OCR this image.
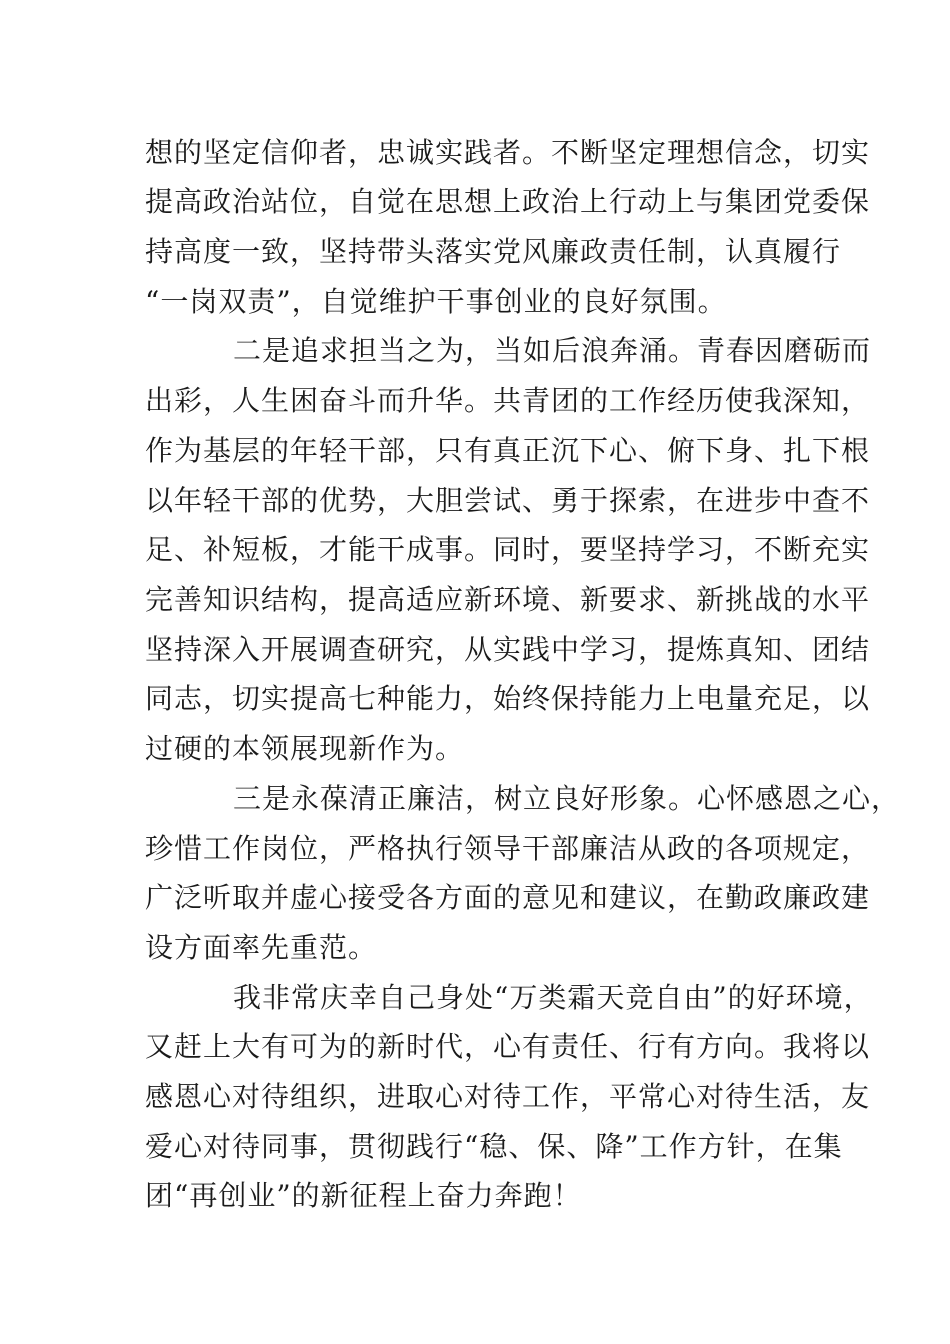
想的坚定信仰者，忠诚实践者。不断坚定理想信念，切实

提高政治站位，自觉在思想上政治上行动上与集团党委保

持高度一致，坚持带头落实党风廉政责任制，认真履行

“一岗双责”，自觉维护干事创业的良好氛围。

二是追求担当之为，当如后浪奔涌。青春因磨砺而

出彩，人生困奋斗而升华。共青团的工作经历使我深知，

作为基层的年轻干部，只有真正沉下心、俯下身、扎下根

以年轻干部的优势，大胆尝试、勇于探索，在进步中查不

足、补短板，才能干成事。同时，要坚持学习，不断充实

完善知识结构，提高适应新环境、新要求、新挑战的水平

坚持深入开展调查研究，从实践中学习，提炼真知、团结

同志，切实提高七种能力，始终保持能力上电量充足，以

过硬的本领展现新作为。

三是永葆清正廉洁，树立良好形象。心怀感恩之心，

珍惜工作岗位，严格执行领导干部廉洁从政的各项规定，

广泛听取并虚心接受各方面的意见和建议，在勤政廉政建

设方面率先重范。

我非常庆幸自己身处“万类霜天竞自由”的好环境，

又赶上大有可为的新时代，心有责任、行有方向。我将以

感恩心对待组织，进取心对待工作，平常心对待生活，友

爱心对待同事，贯彻践行“稳、保、降”工作方针，在集

团“再创业”的新征程上奋力奔跑！
